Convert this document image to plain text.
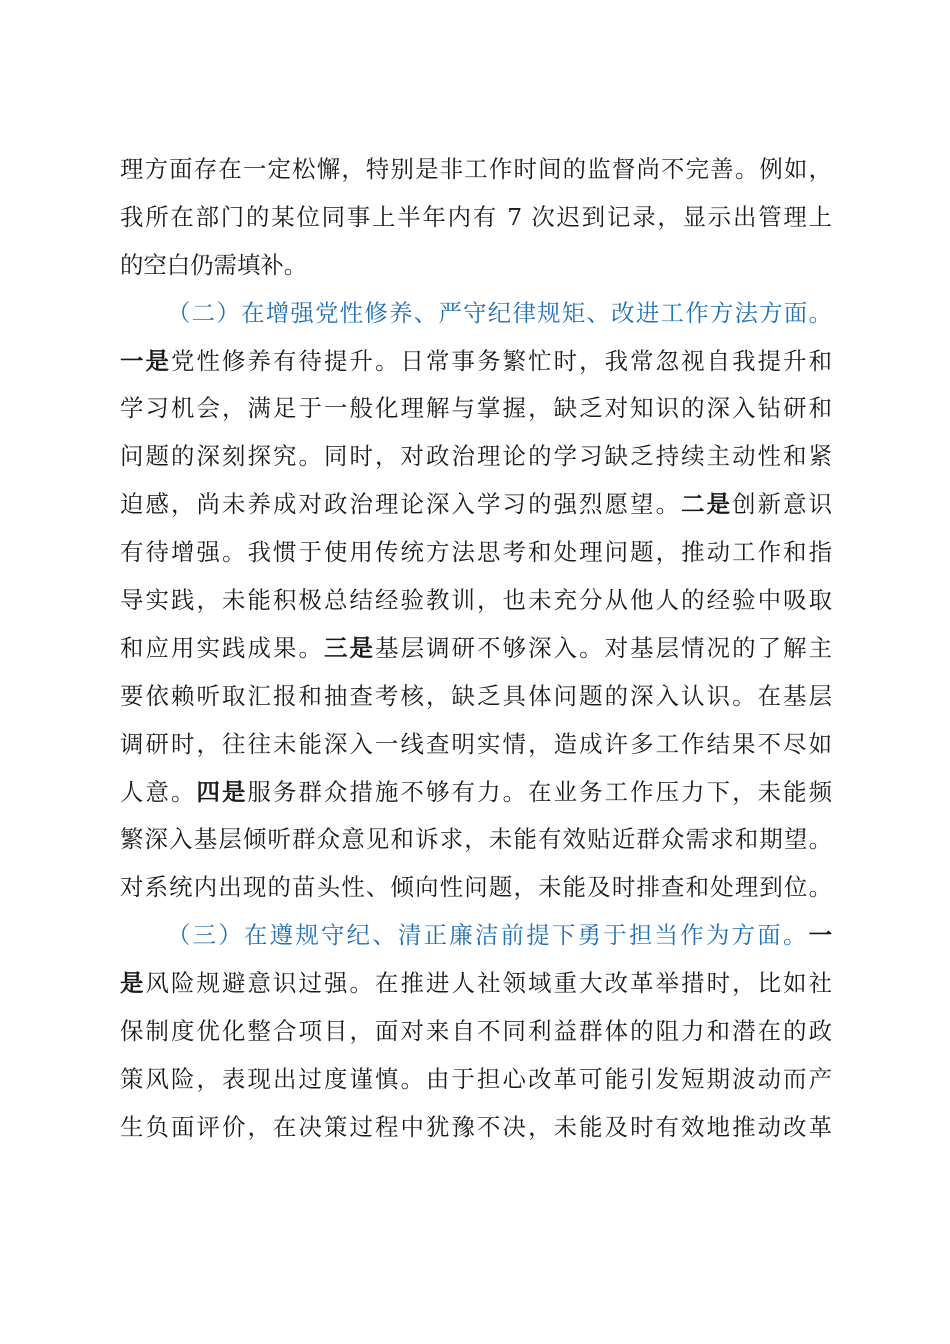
理方面存在一定松懈，特别是非工作时间的监督尚不完善。例如，
我所在部门的某位同事上半年内有 7 次迟到记录，显示出管理上
的空白仍需填补。
（二）在增强党性修养、严守纪律规矩、改进工作方法方面。
一是党性修养有待提升。日常事务繁忙时，我常忽视自我提升和
学习机会，满足于一般化理解与掌握，缺乏对知识的深入钻研和
问题的深刻探究。同时，对政治理论的学习缺乏持续主动性和紧
迫感，尚未养成对政治理论深入学习的强烈愿望。二是创新意识
有待增强。我惯于使用传统方法思考和处理问题，推动工作和指
导实践，未能积极总结经验教训，也未充分从他人的经验中吸取
和应用实践成果。三是基层调研不够深入。对基层情况的了解主
要依赖听取汇报和抽查考核，缺乏具体问题的深入认识。在基层
调研时，往往未能深入一线查明实情，造成许多工作结果不尽如
人意。四是服务群众措施不够有力。在业务工作压力下，未能频
繁深入基层倾听群众意见和诉求，未能有效贴近群众需求和期望。
对系统内出现的苗头性、倾向性问题，未能及时排查和处理到位。
（三）在遵规守纪、清正廉洁前提下勇于担当作为方面。一
是风险规避意识过强。在推进人社领域重大改革举措时，比如社
保制度优化整合项目，面对来自不同利益群体的阻力和潜在的政
策风险，表现出过度谨慎。由于担心改革可能引发短期波动而产
生负面评价，在决策过程中犹豫不决，未能及时有效地推动改革
